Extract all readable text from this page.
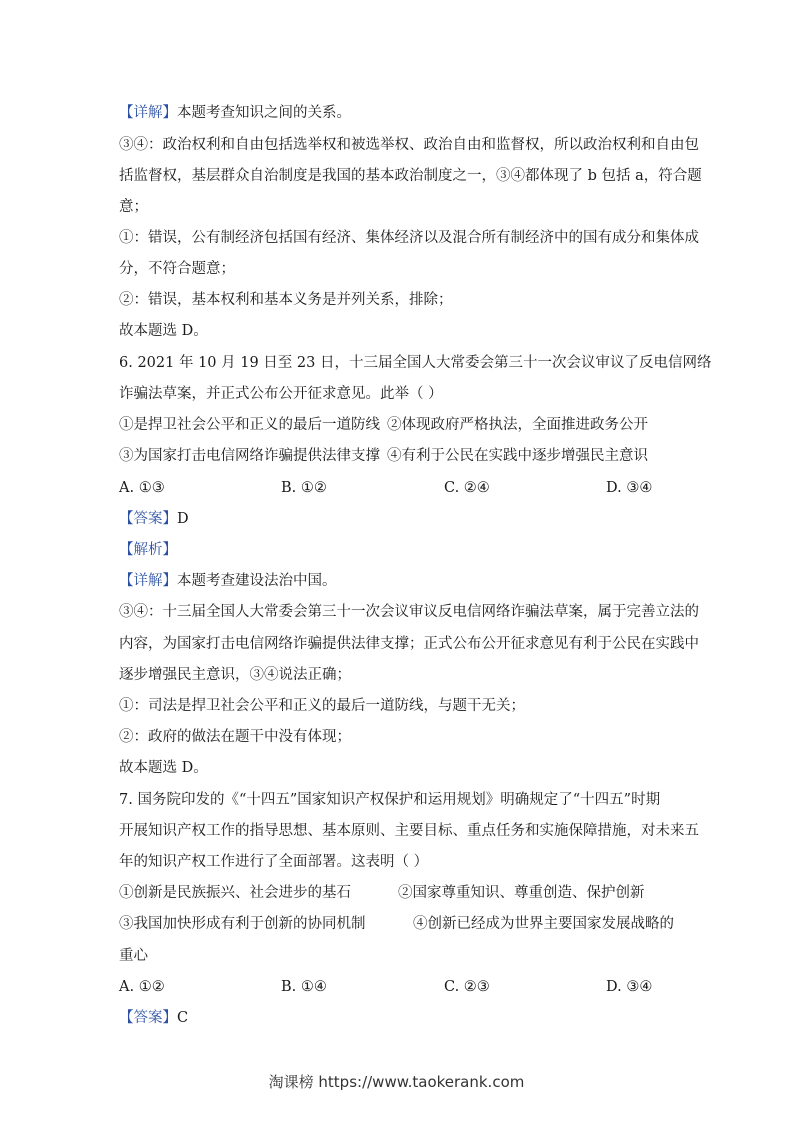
【详解】本题考查知识之间的关系。
③④：政治权利和自由包括选举权和被选举权、政治自由和监督权，所以政治权利和自由包
括监督权，基层群众自治制度是我国的基本政治制度之一，③④都体现了 b 包括 a，符合题
意；
①：错误，公有制经济包括国有经济、集体经济以及混合所有制经济中的国有成分和集体成
分，不符合题意；
②：错误，基本权利和基本义务是并列关系，排除；
故本题选 D。
6. 2021 年 10 月 19 日至 23 日，十三届全国人大常委会第三十一次会议审议了反电信网络
诈骗法草案，并正式公布公开征求意见。此举（ ）
①是捍卫社会公平和正义的最后一道防线 ②体现政府严格执法，全面推进政务公开
③为国家打击电信网络诈骗提供法律支撑 ④有利于公民在实践中逐步增强民主意识
A. ①③	B. ①②	C. ②④	D. ③④
【答案】D
【解析】
【详解】本题考查建设法治中国。
③④：十三届全国人大常委会第三十一次会议审议反电信网络诈骗法草案，属于完善立法的
内容，为国家打击电信网络诈骗提供法律支撑；正式公布公开征求意见有利于公民在实践中
逐步增强民主意识，③④说法正确；
①：司法是捍卫社会公平和正义的最后一道防线，与题干无关；
②：政府的做法在题干中没有体现；
故本题选 D。
7. 国务院印发的《“十四五”国家知识产权保护和运用规划》明确规定了“十四五”时期
开展知识产权工作的指导思想、基本原则、主要目标、重点任务和实施保障措施，对未来五
年的知识产权工作进行了全面部署。这表明（ ）
①创新是民族振兴、社会进步的基石	②国家尊重知识、尊重创造、保护创新
③我国加快形成有利于创新的协同机制	④创新已经成为世界主要国家发展战略的
重心
A. ①②	B. ①④	C. ②③	D. ③④
【答案】C
淘课榜 https://www.taokerank.com
